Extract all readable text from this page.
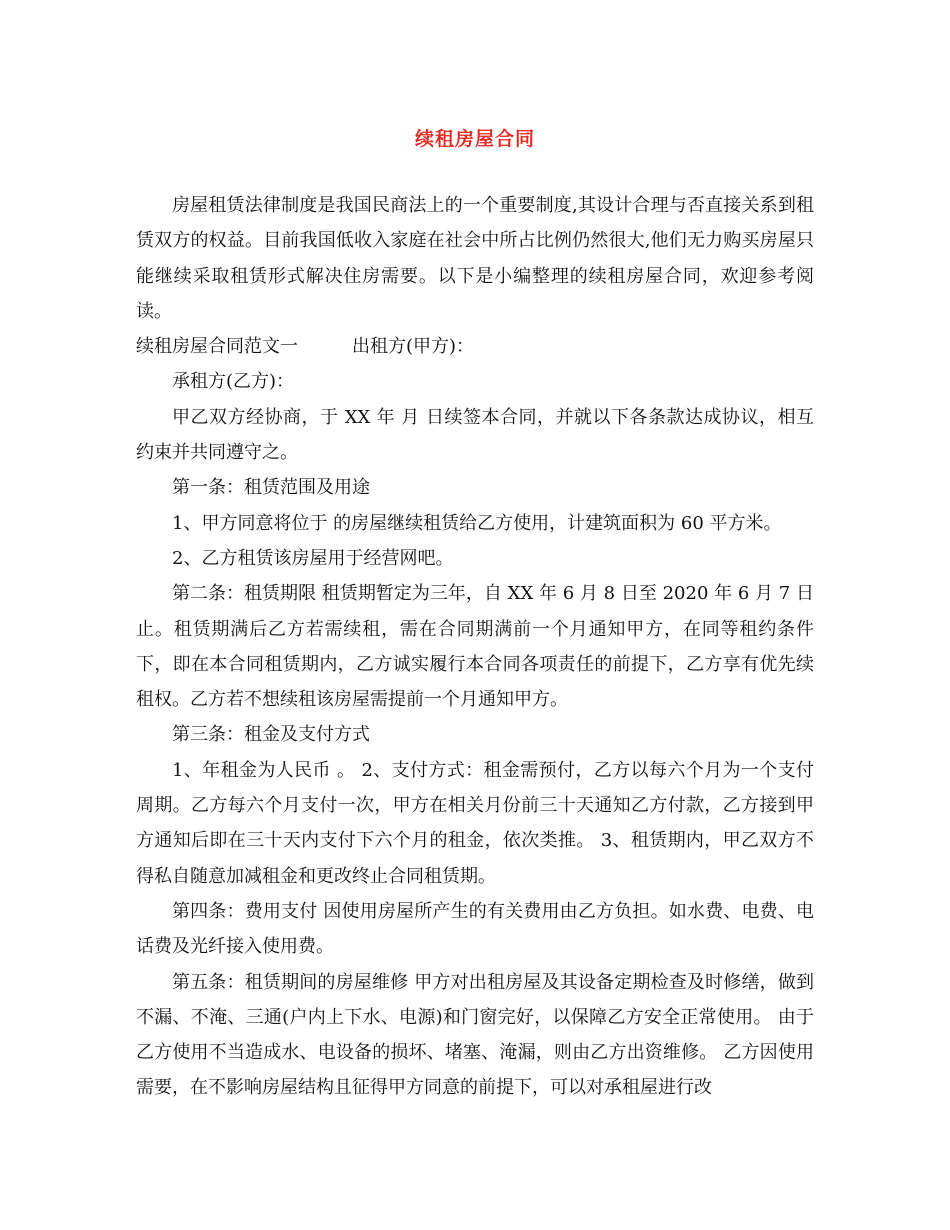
续租房屋合同

房屋租赁法律制度是我国民商法上的一个重要制度,其设计合理与否直接关系到租赁双方的权益。目前我国低收入家庭在社会中所占比例仍然很大,他们无力购买房屋只能继续采取租赁形式解决住房需要。以下是小编整理的续租房屋合同，欢迎参考阅读。

续租房屋合同范文一	出租方(甲方)：

承租方(乙方)：

甲乙双方经协商，于 XX 年 月 日续签本合同，并就以下各条款达成协议，相互约束并共同遵守之。

第一条：租赁范围及用途

1、甲方同意将位于 的房屋继续租赁给乙方使用，计建筑面积为 60 平方米。

2、乙方租赁该房屋用于经营网吧。

第二条：租赁期限 租赁期暂定为三年，自 XX 年 6 月 8 日至 2020 年 6 月 7 日止。租赁期满后乙方若需续租，需在合同期满前一个月通知甲方，在同等租约条件下，即在本合同租赁期内，乙方诚实履行本合同各项责任的前提下，乙方享有优先续租权。乙方若不想续租该房屋需提前一个月通知甲方。

第三条：租金及支付方式

1、年租金为人民币 。 2、支付方式：租金需预付，乙方以每六个月为一个支付周期。乙方每六个月支付一次，甲方在相关月份前三十天通知乙方付款，乙方接到甲方通知后即在三十天内支付下六个月的租金，依次类推。 3、租赁期内，甲乙双方不得私自随意加减租金和更改终止合同租赁期。

第四条：费用支付 因使用房屋所产生的有关费用由乙方负担。如水费、电费、电话费及光纤接入使用费。

第五条：租赁期间的房屋维修 甲方对出租房屋及其设备定期检查及时修缮，做到不漏、不淹、三通(户内上下水、电源)和门窗完好，以保障乙方安全正常使用。 由于乙方使用不当造成水、电设备的损坏、堵塞、淹漏，则由乙方出资维修。 乙方因使用需要，在不影响房屋结构且征得甲方同意的前提下，可以对承租屋进行改
